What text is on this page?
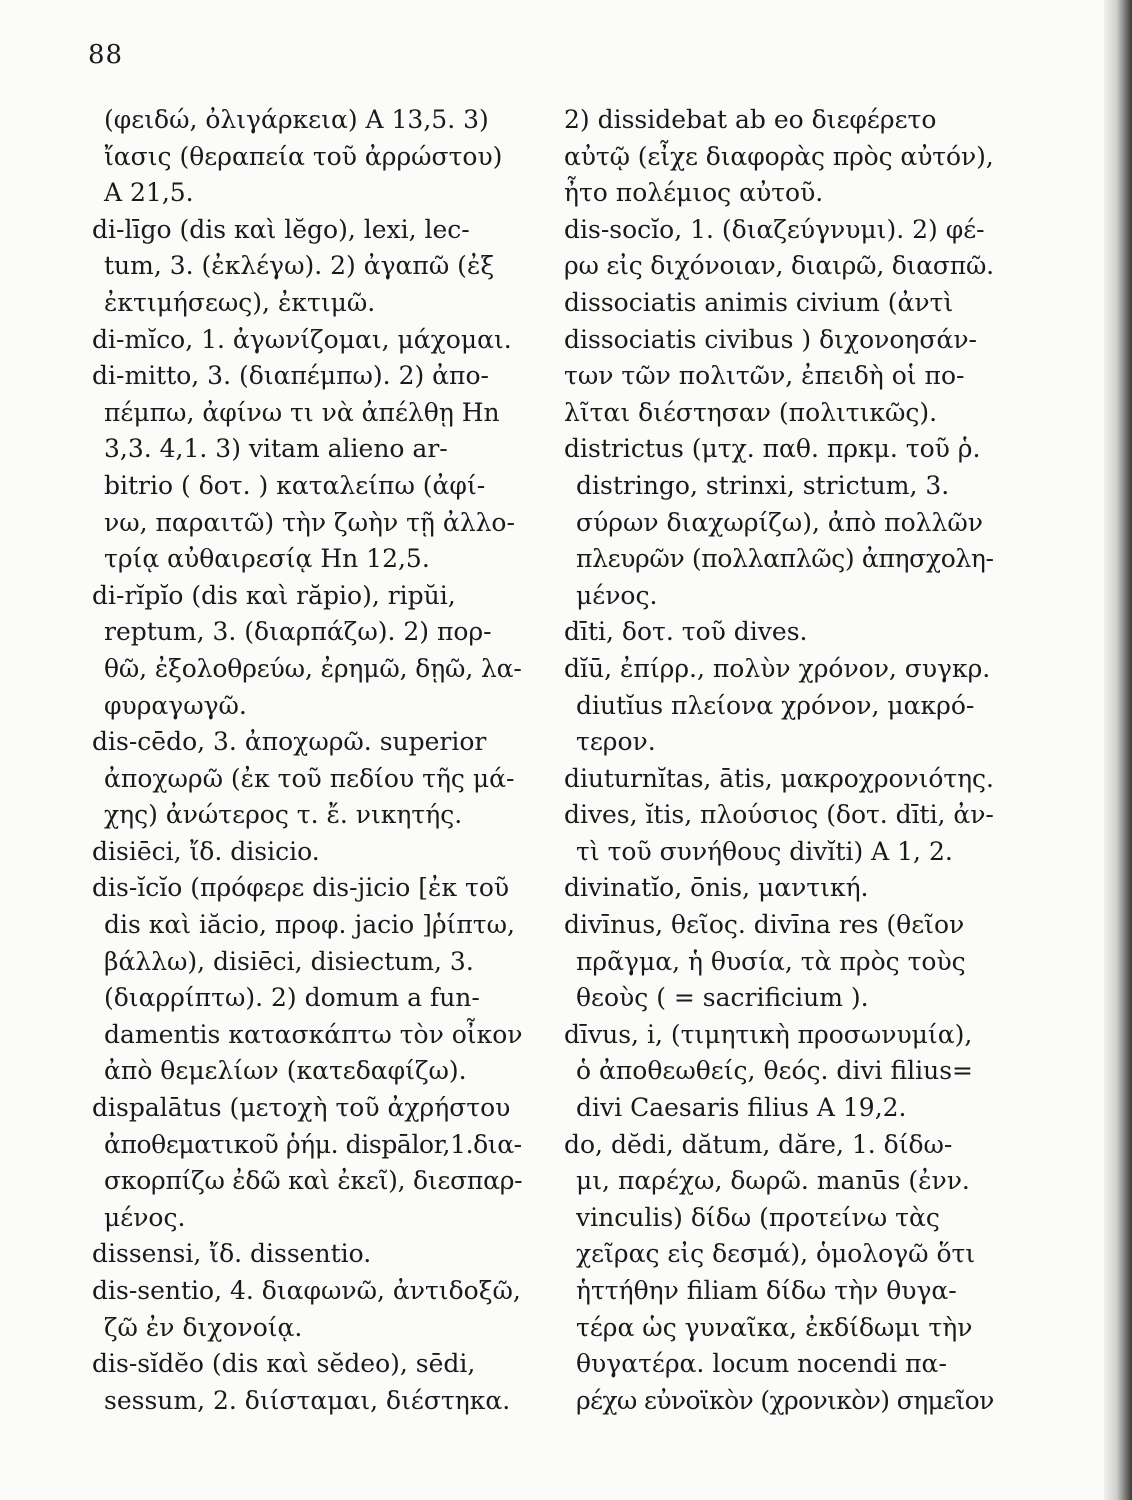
88
(φειδώ, ὀλιγάρκεια) Α 13,5. 3)
ἴασις (θεραπεία τοῦ ἀρρώστου)
Α 21,5.
di-līgo (dis καὶ lĕgo), lexi, lec-
tum, 3. (ἐκλέγω). 2) ἀγαπῶ (ἐξ
ἐκτιμήσεως), ἐκτιμῶ.
di-mĭco, 1. ἀγωνίζομαι, μάχομαι.
di-mitto, 3. (διαπέμπω). 2) ἀπο-
πέμπω, ἀφίνω τι νὰ ἀπέλθῃ Hn
3,3. 4,1. 3) vitam alieno ar-
bitrio ( δοτ. ) καταλείπω (ἀφί-
νω, παραιτῶ) τὴν ζωὴν τῇ ἀλλο-
τρίᾳ αὐθαιρεσίᾳ Hn 12,5.
di-rĭpĭo (dis καὶ răpio), ripŭi,
reptum, 3. (διαρπάζω). 2) πορ-
θῶ, ἐξολοθρεύω, ἐρημῶ, δῃῶ, λα-
φυραγωγῶ.
dis-cēdo, 3. ἀποχωρῶ. superior
ἀποχωρῶ (ἐκ τοῦ πεδίου τῆς μά-
χης) ἀνώτερος τ. ἔ. νικητής.
disiēci, ἴδ. disicio.
dis-ĭcĭo (πρόφερε dis-jicio [ἐκ τοῦ
dis καὶ iăcio, προφ. jacio ]ῥίπτω,
βάλλω), disiēci, disiectum, 3.
(διαρρίπτω). 2) domum a fun-
damentis κατασκάπτω τὸν οἶκον
ἀπὸ θεμελίων (κατεδαφίζω).
dispalātus (μετοχὴ τοῦ ἀχρήστου
ἀποθεματικοῦ ῥήμ. dispālor,1.δια-
σκορπίζω ἐδῶ καὶ ἐκεῖ), διεσπαρ-
μένος.
dissensi, ἴδ. dissentio.
dis-sentio, 4. διαφωνῶ, ἀντιδοξῶ,
ζῶ ἐν διχονοίᾳ.
dis-sĭdĕo (dis καὶ sĕdeo), sēdi,
sessum, 2. διίσταμαι, διέστηκα.
2) dissidebat ab eo διεφέρετο
αὐτῷ (εἶχε διαφορὰς πρὸς αὐτόν),
ἦτο πολέμιος αὐτοῦ.
dis-socĭo, 1. (διαζεύγνυμι). 2) φέ-
ρω εἰς διχόνοιαν, διαιρῶ, διασπῶ.
dissociatis animis civium (ἀντὶ
dissociatis civibus ) διχονοησάν-
των τῶν πολιτῶν, ἐπειδὴ οἱ πο-
λῖται διέστησαν (πολιτικῶς).
districtus (μτχ. παθ. πρκμ. τοῦ ῥ.
distringo, strinxi, strictum, 3.
σύρων διαχωρίζω), ἀπὸ πολλῶν
πλευρῶν (πολλαπλῶς) ἀπησχολη-
μένος.
dīti, δοτ. τοῦ dives.
dĭū, ἐπίρρ., πολὺν χρόνον, συγκρ.
diutĭus πλείονα χρόνον, μακρό-
τερον.
diuturnĭtas, ātis, μακροχρονιότης.
dives, ĭtis, πλούσιος (δοτ. dīti, ἀν-
τὶ τοῦ συνήθους divĭti) Α 1, 2.
divinatĭo, ōnis, μαντική.
divīnus, θεῖος. divīna res (θεῖον
πρᾶγμα, ἡ θυσία, τὰ πρὸς τοὺς
θεοὺς ( = sacrificium ).
dīvus, i, (τιμητικὴ προσωνυμία),
ὁ ἀποθεωθείς, θεός. divi filius=
divi Caesaris filius Α 19,2.
do, dĕdi, dătum, dăre, 1. δίδω-
μι, παρέχω, δωρῶ. manūs (ἐνν.
vinculis) δίδω (προτείνω τὰς
χεῖρας εἰς δεσμά), ὁμολογῶ ὅτι
ἡττήθην filiam δίδω τὴν θυγα-
τέρα ὡς γυναῖκα, ἐκδίδωμι τὴν
θυγατέρα. locum nocendi πα-
ρέχω εὐνοϊκὸν (χρονικὸν) σημεῖον
